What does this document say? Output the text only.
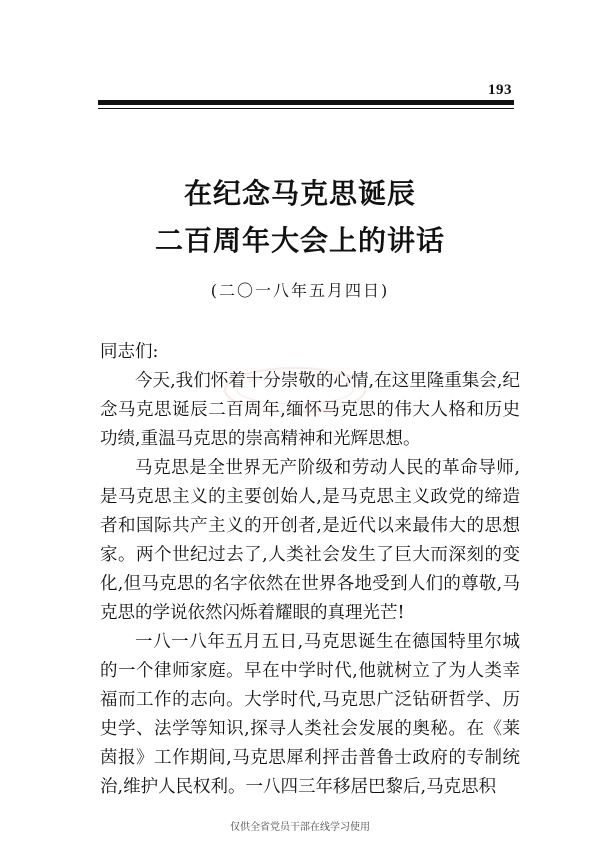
193
在纪念马克思诞辰
二百周年大会上的讲话
(二〇一八年五月四日)

同志们:

今天,我们怀着十分崇敬的心情,在这里隆重集会,纪念马克思诞辰二百周年,缅怀马克思的伟大人格和历史功绩,重温马克思的崇高精神和光辉思想。

马克思是全世界无产阶级和劳动人民的革命导师,是马克思主义的主要创始人,是马克思主义政党的缔造者和国际共产主义的开创者,是近代以来最伟大的思想家。两个世纪过去了,人类社会发生了巨大而深刻的变化,但马克思的名字依然在世界各地受到人们的尊敬,马克思的学说依然闪烁着耀眼的真理光芒!

一八一八年五月五日,马克思诞生在德国特里尔城的一个律师家庭。早在中学时代,他就树立了为人类幸福而工作的志向。大学时代,马克思广泛钻研哲学、历史学、法学等知识,探寻人类社会发展的奥秘。在《莱茵报》工作期间,马克思犀利抨击普鲁士政府的专制统治,维护人民权利。一八四三年移居巴黎后,马克思积

仅供全省党员干部在线学习使用
